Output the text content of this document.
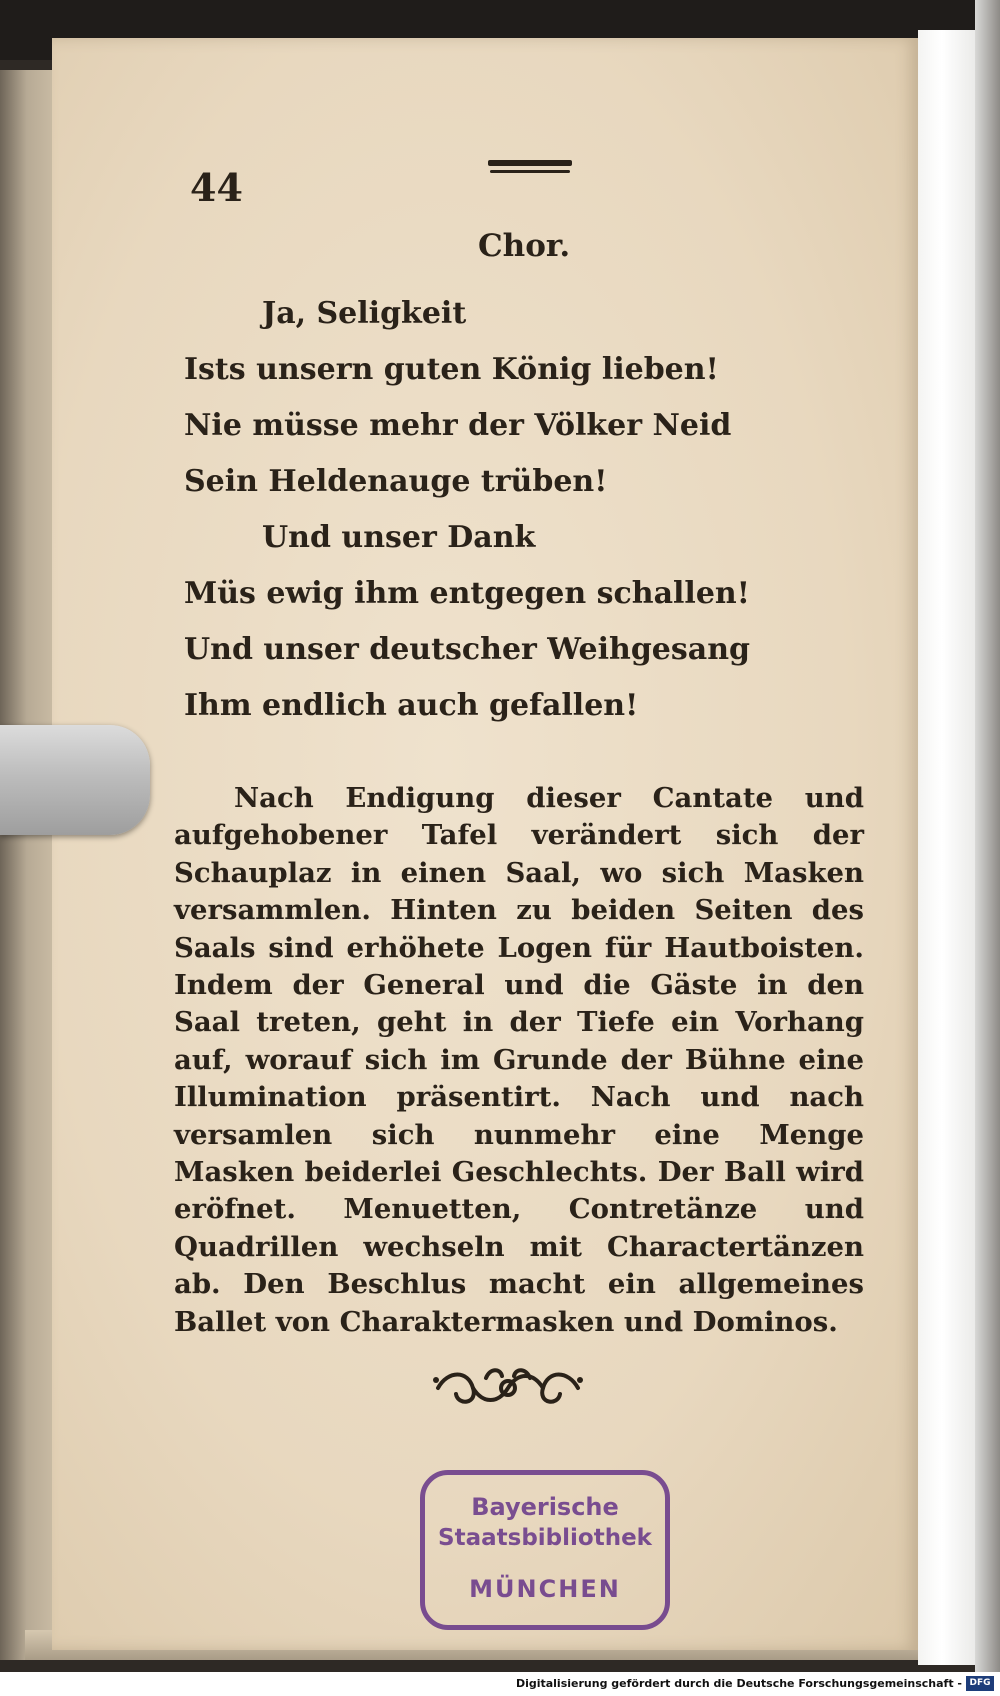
44
Chor.
Ja, Seligkeit
Ists unsern guten König lieben!
Nie müsse mehr der Völker Neid
Sein Heldenauge trüben!
Und unser Dank
Müs ewig ihm entgegen schallen!
Und unser deutscher Weihgesang
Ihm endlich auch gefallen!
Nach Endigung dieser Cantate und aufgehobener Tafel verändert sich der Schauplaz in einen Saal, wo sich Masken versammlen. Hinten zu beiden Seiten des Saals sind erhöhete Logen für Hautboisten. Indem der General und die Gäste in den Saal treten, geht in der Tiefe ein Vorhang auf, worauf sich im Grunde der Bühne eine Illumination präsentirt. Nach und nach versamlen sich nunmehr eine Menge Masken beiderlei Geschlechts. Der Ball wird eröfnet. Menuetten, Contretänze und Quadrillen wechseln mit Charactertänzen ab. Den Beschlus macht ein allgemeines Ballet von Charaktermasken und Dominos.
Bayerische
Staatsbibliothek
MÜNCHEN
Digitalisierung gefördert durch die Deutsche Forschungsgemeinschaft - DFG
